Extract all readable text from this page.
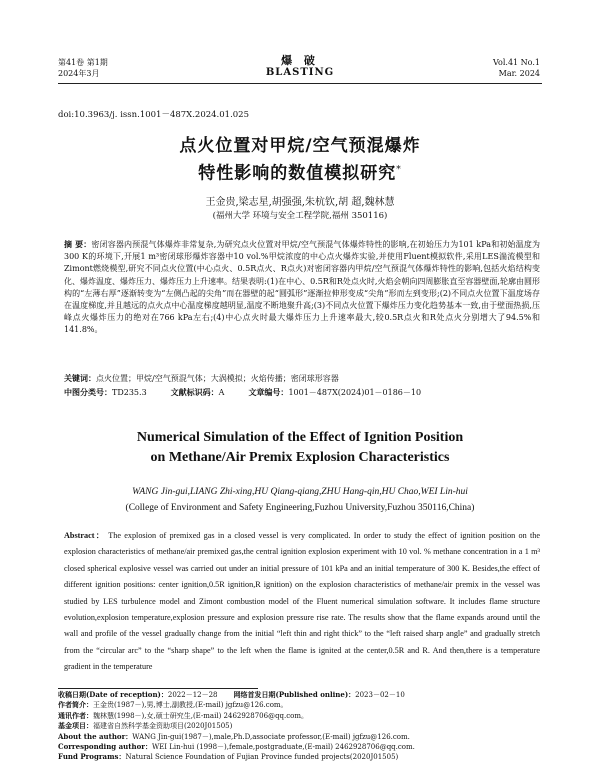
第41卷 第1期
2024年3月
爆 破
BLASTING
Vol.41 No.1
Mar. 2024
doi:10.3963/j. issn.1001－487X.2024.01.025
点火位置对甲烷/空气预混爆炸
特性影响的数值模拟研究*
王金贵,梁志星,胡强强,朱杭钦,胡 超,魏林慧
(福州大学 环境与安全工程学院,福州 350116)
摘 要：密闭容器内预混气体爆炸非常复杂,为研究点火位置对甲烷/空气预混气体爆炸特性的影响,在初始压力为101 kPa和初始温度为300 K的环境下,开展1 m³密闭球形爆炸容器中10 vol.%甲烷浓度的中心点火爆炸实验,并使用Fluent模拟软件,采用LES湍流模型和Zimont燃烧模型,研究不同点火位置(中心点火、0.5R点火、R点火)对密闭容器内甲烷/空气预混气体爆炸特性的影响,包括火焰结构变化、爆炸温度、爆炸压力、爆炸压力上升速率。结果表明:(1)在中心、0.5R和R处点火时,火焰会朝向四周膨胀直至容器壁面,轮廓由圆形构的“左薄右厚”逐渐转变为“左侧凸起的尖角”而在器壁的起“圆弧形”逐渐拉伸形变成“尖角”形而左到变形;(2)不同点火位置下温度场存在温度梯度,并且越远的点火点中心温度梯度越明显,温度不断地聚升高;(3)不同点火位置下爆炸压力变化趋势基本一致,由于壁面热损,压峰点火爆炸压力的绝对在766 kPa左右;(4)中心点火时最大爆炸压力上升速率最大,较0.5R点火和R处点火分别增大了94.5%和141.8%。
关键词：点火位置；甲烷/空气预混气体；大涡模拟；火焰传播；密闭球形容器
中图分类号：TD235.3	文献标识码：A	文章编号：1001－487X(2024)01－0186－10
Numerical Simulation of the Effect of Ignition Position
on Methane/Air Premix Explosion Characteristics
WANG Jin-gui,LIANG Zhi-xing,HU Qiang-qiang,ZHU Hang-qin,HU Chao,WEI Lin-hui
(College of Environment and Safety Engineering,Fuzhou University,Fuzhou 350116,China)
Abstract： The explosion of premixed gas in a closed vessel is very complicated. In order to study the effect of ignition position on the explosion characteristics of methane/air premixed gas,the central ignition explosion experiment with 10 vol. % methane concentration in a 1 m³ closed spherical explosive vessel was carried out under an initial pressure of 101 kPa and an initial temperature of 300 K. Besides,the effect of different ignition positions: center ignition,0.5R ignition,R ignition) on the explosion characteristics of methane/air premix in the vessel was studied by LES turbulence model and Zimont combustion model of the Fluent numerical simulation software. It includes flame structure evolution,explosion temperature,explosion pressure and explosion pressure rise rate. The results show that the flame expands around until the wall and profile of the vessel gradually change from the initial “left thin and right thick” to the “left raised sharp angle” and gradually stretch from the “circular arc” to the “sharp shape” to the left when the flame is ignited at the center,0.5R and R. And then,there is a temperature gradient in the temperature
收稿日期(Date of reception)：2022－12－28 网络首发日期(Published online)：2023－02－10
作者简介：王金贵(1987－),男,博士,副教授,(E-mail) jgfzu@126.com。
通讯作者：魏林慧(1998－),女,硕士研究生,(E-mail) 2462928706@qq.com。
基金项目：福建省自然科学基金资助项目(2020J01505)
About the author：WANG Jin-gui(1987－),male,Ph.D,associate professor,(E-mail) jgfzu@126.com.
Corresponding author：WEI Lin-hui (1998－),female,postgraduate,(E-mail) 2462928706@qq.com.
Fund Programs：Natural Science Foundation of Fujian Province funded projects(2020J01505)
